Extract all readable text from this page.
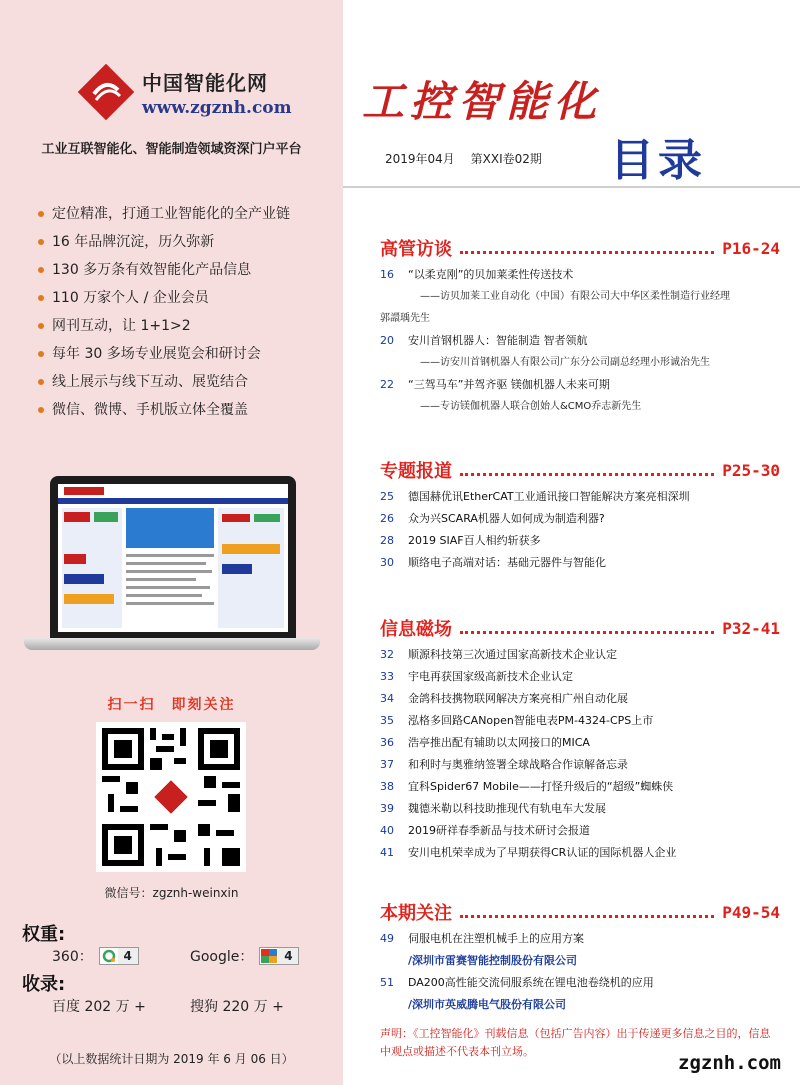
中国智能化网
www.zgznh.com
工业互联智能化、智能制造领域资深门户平台
定位精准，打通工业智能化的全产业链
16 年品牌沉淀，历久弥新
130 多万条有效智能化产品信息
110 万家个人 / 企业会员
网刊互动，让 1+1>2
每年 30 多场专业展览会和研讨会
线上展示与线下互动、展览结合
微信、微博、手机版立体全覆盖
扫一扫　即刻关注
微信号：zgznh-weinxin
权重:
360：	4	Google：	4
收录:
百度 202 万 +	搜狗 220 万 +
（以上数据统计日期为 2019 年 6 月 06 日）
工控智能化
2019年04月 第XXI卷02期 目录
高管访谈	P16-24
16	“以柔克刚”的贝加莱柔性传送技术
——访贝加莱工业自动化（中国）有限公司大中华区柔性制造行业经理
郭譞瑀先生
20	安川首钢机器人：智能制造 智者领航
——访安川首钢机器人有限公司广东分公司副总经理小形诚治先生
22	“三驾马车”并驾齐驱 镁伽机器人未来可期
——专访镁伽机器人联合创始人&CMO乔志新先生
专题报道	P25-30
25	德国赫优讯EtherCAT工业通讯接口智能解决方案亮相深圳
26	众为兴SCARA机器人如何成为制造利器?
28	2019 SIAF百人相约斩获多
30	顺络电子高端对话：基础元器件与智能化
信息磁场	P32-41
32	顺源科技第三次通过国家高新技术企业认定
33	宇电再获国家级高新技术企业认定
34	金鸽科技携物联网解决方案亮相广州自动化展
35	泓格多回路CANopen智能电表PM-4324-CPS上市
36	浩亭推出配有辅助以太网接口的MICA
37	和利时与奥雅纳签署全球战略合作谅解备忘录
38	宜科Spider67 Mobile——打怪升级后的“超级”蜘蛛侠
39	魏德米勒以科技助推现代有轨电车大发展
40	2019研祥春季新品与技术研讨会报道
41	安川电机荣幸成为了早期获得CR认证的国际机器人企业
本期关注	P49-54
49	伺服电机在注塑机械手上的应用方案
/深圳市雷赛智能控制股份有限公司
51	DA200高性能交流伺服系统在锂电池卷绕机的应用
/深圳市英威腾电气股份有限公司
声明：《工控智能化》刊载信息（包括广告内容）出于传递更多信息之目的，信息中观点或描述不代表本刊立场。
zgznh.com
